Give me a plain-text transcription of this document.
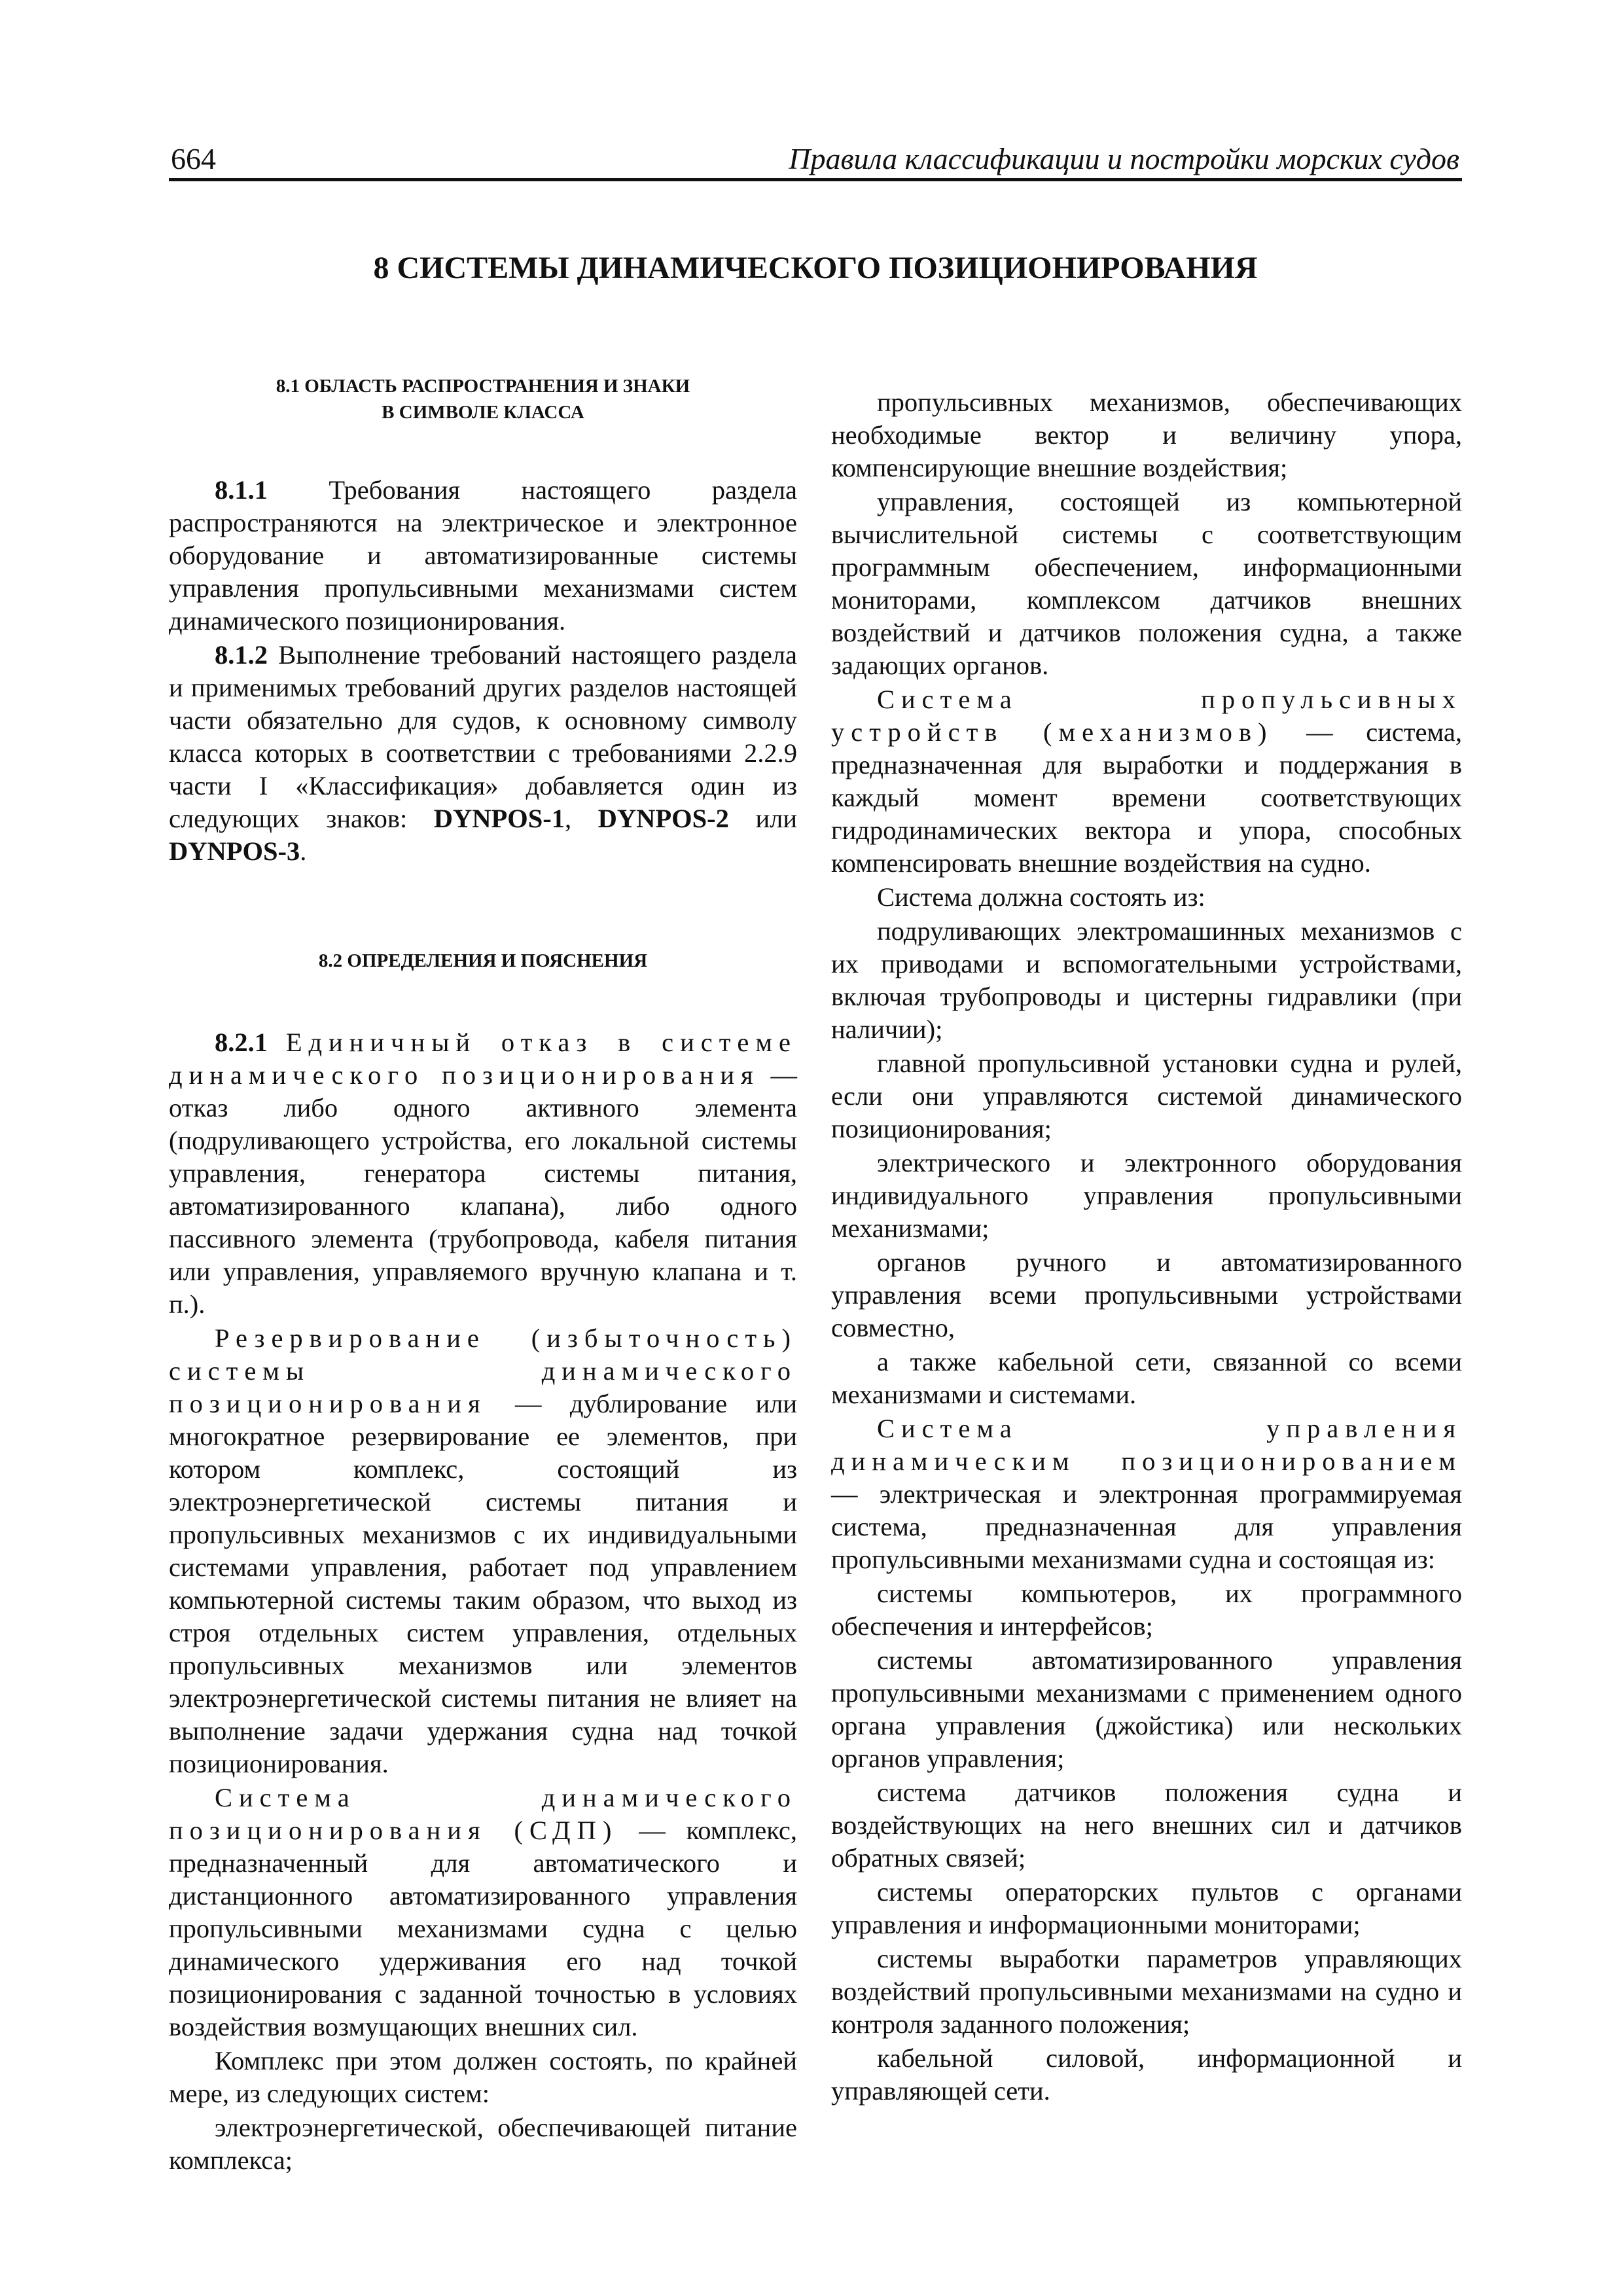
664	Правила классификации и постройки морских судов
8 СИСТЕМЫ ДИНАМИЧЕСКОГО ПОЗИЦИОНИРОВАНИЯ
8.1 ОБЛАСТЬ РАСПРОСТРАНЕНИЯ И ЗНАКИ
В СИМВОЛЕ КЛАССА

8.1.1 Требования настоящего раздела распространяются на электрическое и электронное оборудование и автоматизированные системы управления пропульсивными механизмами систем динамического позиционирования.

8.1.2 Выполнение требований настоящего раздела и применимых требований других разделов настоящей части обязательно для судов, к основному символу класса которых в соответствии с требованиями 2.2.9 части I «Классификация» добавляется один из следующих знаков: DYNPOS-1, DYNPOS-2 или DYNPOS-3.

8.2 ОПРЕДЕЛЕНИЯ И ПОЯСНЕНИЯ

8.2.1 Единичный отказ в системе динамического позиционирования — отказ либо одного активного элемента (подруливающего устройства, его локальной системы управления, генератора системы питания, автоматизированного клапана), либо одного пассивного элемента (трубопровода, кабеля питания или управления, управляемого вручную клапана и т. п.).

Резервирование (избыточность) системы динамического позиционирования — дублирование или многократное резервирование ее элементов, при котором комплекс, состоящий из электроэнергетической системы питания и пропульсивных механизмов с их индивидуальными системами управления, работает под управлением компьютерной системы таким образом, что выход из строя отдельных систем управления, отдельных пропульсивных механизмов или элементов электроэнергетической системы питания не влияет на выполнение задачи удержания судна над точкой позиционирования.

Система динамического позиционирования (СДП) — комплекс, предназначенный для автоматического и дистанционного автоматизированного управления пропульсивными механизмами судна с целью динамического удерживания его над точкой позиционирования с заданной точностью в условиях воздействия возмущающих внешних сил.

Комплекс при этом должен состоять, по крайней мере, из следующих систем:

электроэнергетической, обеспечивающей питание комплекса;

пропульсивных механизмов, обеспечивающих необходимые вектор и величину упора, компенсирующие внешние воздействия;

управления, состоящей из компьютерной вычислительной системы с соответствующим программным обеспечением, информационными мониторами, комплексом датчиков внешних воздействий и датчиков положения судна, а также задающих органов.

Система пропульсивных устройств (механизмов) — система, предназначенная для выработки и поддержания в каждый момент времени соответствующих гидродинамических вектора и упора, способных компенсировать внешние воздействия на судно.

Система должна состоять из:

подруливающих электромашинных механизмов с их приводами и вспомогательными устройствами, включая трубопроводы и цистерны гидравлики (при наличии);

главной пропульсивной установки судна и рулей, если они управляются системой динамического позиционирования;

электрического и электронного оборудования индивидуального управления пропульсивными механизмами;

органов ручного и автоматизированного управления всеми пропульсивными устройствами совместно,

а также кабельной сети, связанной со всеми механизмами и системами.

Система управления динамическим позиционированием — электрическая и электронная программируемая система, предназначенная для управления пропульсивными механизмами судна и состоящая из:

системы компьютеров, их программного обеспечения и интерфейсов;

системы автоматизированного управления пропульсивными механизмами с применением одного органа управления (джойстика) или нескольких органов управления;

система датчиков положения судна и воздействующих на него внешних сил и датчиков обратных связей;

системы операторских пультов с органами управления и информационными мониторами;

системы выработки параметров управляющих воздействий пропульсивными механизмами на судно и контроля заданного положения;

кабельной силовой, информационной и управляющей сети.
